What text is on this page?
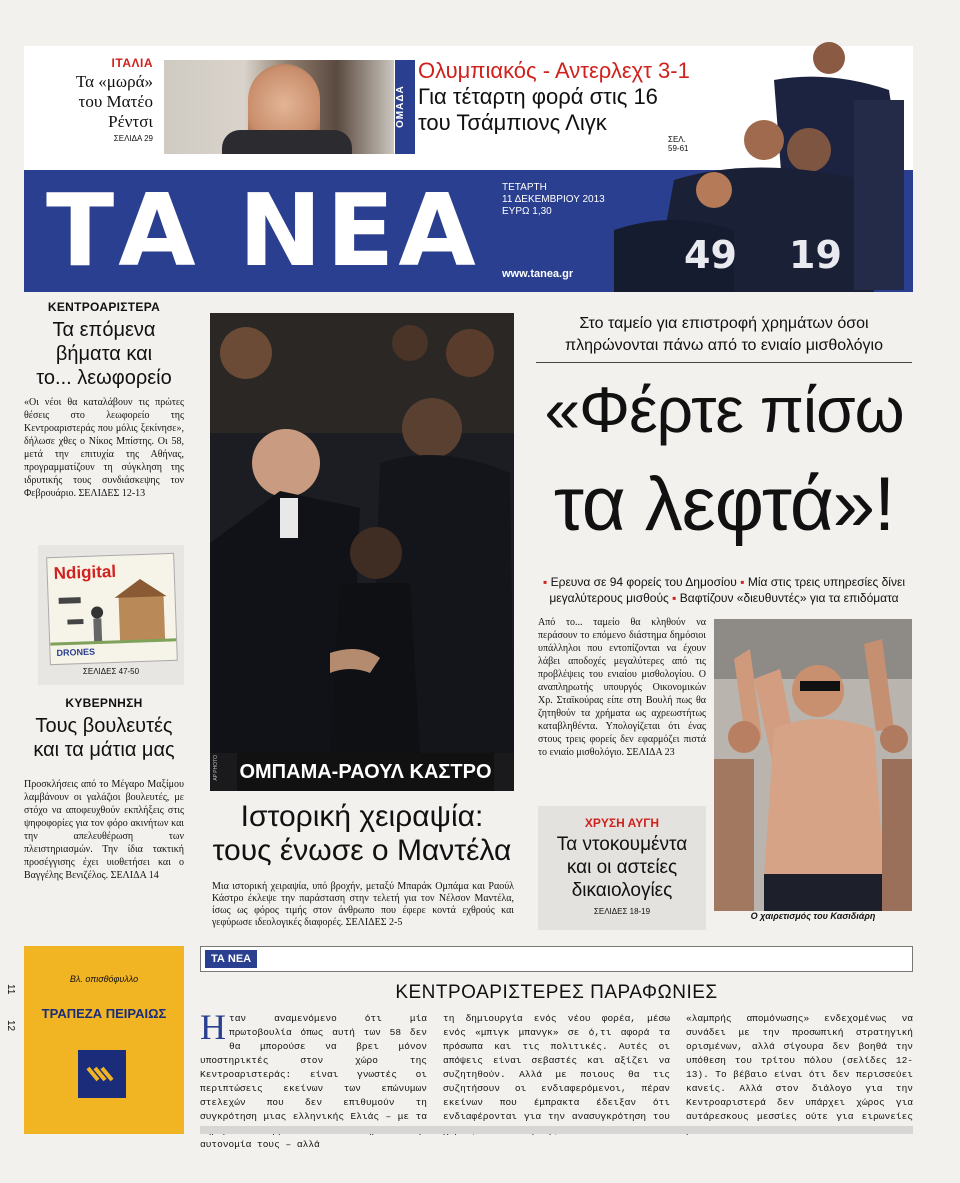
ΙΤΑΛΙΑ
Τα «μωρά»
του Ματέο
Ρέντσι
ΣΕΛΙΔΑ 29
ΟΜΑΔΑ
Ολυμπιακός - Αντερλεχτ 3-1
Για τέταρτη φορά στις 16
του Τσάμπιονς Λιγκ
ΣΕΛ.
59-61
ΤΑ ΝΕΑ ΤΕΤΑΡΤΗ
11 ΔΕΚΕΜΒΡΙΟΥ 2013
ΕΥΡΩ 1,30
www.tanea.gr	49 19
ΚΕΝΤΡΟΑΡΙΣΤΕΡΑ
Τα επόμενα
βήματα και
το... λεωφορείο
«Οι νέοι θα καταλάβουν τις πρώτες θέσεις στο λεωφορείο της Κεντροαριστεράς που μόλις ξεκίνησε», δήλωσε χθες ο Νίκος Μπίστης. Οι 58, μετά την επιτυχία της Αθήνας, προγραμματίζουν τη σύγκληση της ιδρυτικής τους συνδιάσκεψης τον Φεβρουάριο. ΣΕΛΙΔΕΣ 12-13
Ndigital
DRONES
ΣΕΛΙΔΕΣ 47-50
ΚΥΒΕΡΝΗΣΗ
Τους βουλευτές
και τα μάτια μας
Προσκλήσεις από το Μέγαρο Μαξίμου λαμβάνουν οι γαλάζιοι βουλευτές, με στόχο να αποφευχθούν εκπλήξεις στις ψηφοφορίες για τον φόρο ακινήτων και την απελευθέρωση των πλειστηριασμών. Την ίδια τακτική προσέγγισης έχει υιοθετήσει και ο Βαγγέλης Βενιζέλος. ΣΕΛΙΔΑ 14
AP PHOTO ΟΜΠΑΜΑ-ΡΑΟΥΛ ΚΑΣΤΡΟ
Ιστορική χειραψία:
τους ένωσε ο Μαντέλα
Μια ιστορική χειραψία, υπό βροχήν, μεταξύ Μπαράκ Ομπάμα και Ραούλ Κάστρο έκλεψε την παράσταση στην τελετή για τον Νέλσον Μαντέλα, ίσως ως φόρος τιμής στον άνθρωπο που έφερε κοντά εχθρούς και γεφύρωσε ιδεολογικές διαφορές. ΣΕΛΙΔΕΣ 2-5
Στο ταμείο για επιστροφή χρημάτων όσοι
πληρώνονται πάνω από το ενιαίο μισθολόγιο
«Φέρτε πίσω
τα λεφτά»!
▪ Ερευνα σε 94 φορείς του Δημοσίου ▪ Μία στις τρεις υπηρεσίες δίνει μεγαλύτερους μισθούς ▪ Βαφτίζουν «διευθυντές» για τα επιδόματα
Από το... ταμείο θα κληθούν να περάσουν το επόμενο διάστημα δημόσιοι υπάλληλοι που εντοπίζονται να έχουν λάβει αποδοχές μεγαλύτερες από τις προβλέψεις του ενιαίου μισθολογίου. Ο αναπληρωτής υπουργός Οικονομικών Χρ. Σταϊκούρας είπε στη Βουλή πως θα ζητηθούν τα χρήματα ως αχρεωστήτως καταβληθέντα. Υπολογίζεται ότι ένας στους τρεις φορείς δεν εφαρμόζει πιστά το ενιαίο μισθολόγιο. ΣΕΛΙΔΑ 23
Ο χαιρετισμός του Κασιδιάρη
ΧΡΥΣΗ ΑΥΓΗ
Τα ντοκουμέντα
και οι αστείες
δικαιολογίες
ΣΕΛΙΔΕΣ 18-19
11
12
Βλ. οπισθόφυλλο
ΤΡΑΠΕΖΑ ΠΕΙΡΑΙΩΣ
ΤΑ ΝΕΑ
ΚΕΝΤΡΟΑΡΙΣΤΕΡΕΣ ΠΑΡΑΦΩΝΙΕΣ
Ηταν αναμενόμενο ότι μία πρωτοβουλία όπως αυτή των 58 δεν θα μπορούσε να βρει μόνον υποστηρικτές στον χώρο της Κεντροαριστεράς: είναι γνωστές οι περιπτώσεις εκείνων των επώνυμων στελεχών που δεν επιθυμούν τη συγκρότηση μιας ελληνικής Ελιάς – με τα αυτονομία τους – αλλά
τη δημιουργία ενός νέου φορέα, μέσω ενός «μπιγκ μπανγκ» σε ό,τι αφορά τα πρόσωπα και τις πολιτικές. Αυτές οι απόψεις είναι σεβαστές και αξίζει να συζητηθούν. Αλλά με ποιους θα τις συζητήσουν οι ενδιαφερόμενοι, πέραν εκείνων που έμπρακτα έδειξαν ότι ενδιαφέρονται για την ανασυγκρότηση του
«λαμπρής απομόνωσης» ενδεχομένως να συνάδει με την προσωπική στρατηγική ορισμένων, αλλά σίγουρα δεν βοηθά την υπόθεση του τρίτου πόλου (σελίδες 12-13). Το βέβαιο είναι ότι δεν περισσεύει κανείς. Αλλά στον διάλογο για την Κεντροαριστερά δεν υπάρχει χώρος για αυτάρεσκους μεσσίες ούτε για ειρωνείες
